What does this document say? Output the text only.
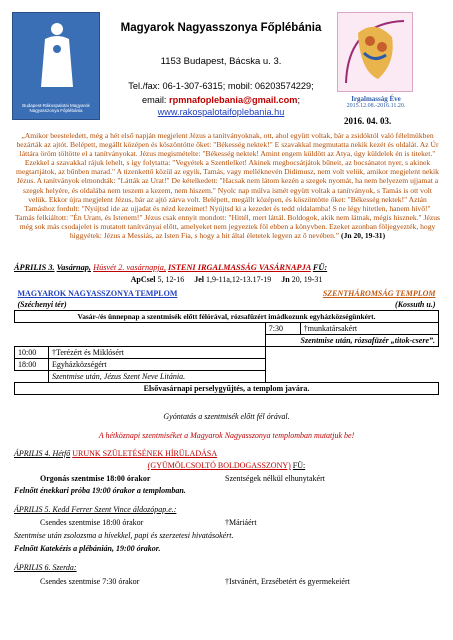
Budapest-Rákospalotai Magyarok Nagyasszonya Főplébánia
Irgalmasság Éve
2015.12.08.-2016.11.20.
Magyarok Nagyasszonya Főplébánia
1153 Budapest, Bácska u. 3.
Tel./fax: 06-1-307-6315; mobil: 06203574229;
email: rpmnafoplebania@gmail.com;
www.rakospalotaifoplebania.hu
2016. 04. 03.
„Amikor beesteledett, még a hét első napján megjelent Jézus a tanítványoknak, ott, ahol együtt voltak, bár a zsidóktól való félelmükben bezárták az ajtót. Belépett, megállt középen és köszöntötte őket: "Békesség nektek!" E szavakkal megmutatta nekik kezét és oldalát. Az Úr láttára öröm töltötte el a tanítványokat. Jézus megismételte: "Békesség nektek! Amint engem küldött az Atya, úgy küldelek én is titeket." Ezekkel a szavakkal rájuk lehelt, s így folytatta: "Vegyétek a Szentlelket! Akinek megbocsátjátok bűneit, az bocsánatot nyer, s akinek megtartjátok, az bűnben marad." A tizenkettő közül az egyik, Tamás, vagy melléknevén Didimusz, nem volt velük, amikor megjelent nekik Jézus. A tanítványok elmondták: "Látták az Urat!" De kételkedett: "Hacsak nem látom kezén a szegek nyomát, ha nem helyezem ujjamat a szegek helyére, és oldalába nem teszem a kezem, nem hiszem." Nyolc nap múlva ismét együtt voltak a tanítványok, s Tamás is ott volt velük. Ekkor újra megjelent Jézus, bár az ajtó zárva volt. Belépett, megállt középen, és köszöntötte őket: "Békesség nektek!" Aztán Tamáshoz fordult: "Nyújtsd ide az ujjadat és nézd kezeimet! Nyújtsd ki a kezedet és tedd oldalamba! S ne légy hitetlen, hanem hívő!" Tamás felkiáltott: "Én Uram, és Istenem!" Jézus csak ennyit mondott: "Hittél, mert láttál. Boldogok, akik nem látnak, mégis hisznek." Jézus még sok más csodajelet is mutatott tanítványai előtt, amelyeket nem jegyeztek föl ebben a könyvben. Ezeket azonban följegyezték, hogy higgyétek: Jézus a Messiás, az Isten Fia, s hogy a hit által életetek legyen az ő nevében.” (Jn 20, 19-31)
ÁPRILIS 3. Vasárnap, Húsvét 2. vasárnapja, ISTENI IRGALMASSÁG VASÁRNAPJA FÜ:
ApCsel 5, 12-16 Jel 1,9-11a,12-13.17-19 Jn 20, 19-31
MAGYAROK NAGYASSZONYA TEMPLOM		SZENTHÁROMSÁG TEMPLOM	
(Széchenyi tér)		(Kossuth u.)	
Vasár-/és ünnepnap a szentmisék előtt félórával, rózsafüzért imádkozunk egyházközségünkért.			
		7:30	†munkatársakért
		Szentmise után, rózsafüzér „titok-csere”.	
10:00	†Terézért és Miklósért		
18:00	Egyházközségért		
	Szentmise után, Jézus Szent Neve Litánia.		
Elsővasárnapi perselygyűjtés, a templom javára.			
Gyóntatás a szentmisék előtt fél órával.
A hétköznapi szentmiséket a Magyarok Nagyasszonya templomban mutatjuk be!
ÁPRILIS 4. Hétfő URUNK SZÜLETÉSÉNEK HÍRÜLADÁSA
(GYÜMÖLCSOLTÓ BOLDOGASSZONY) FÜ:
Orgonás szentmise 18:00 órakor	Szentségek nélkül elhunytakért
Felnőtt énekkari próba 19:00 órakor a templomban.
ÁPRILIS 5. Kedd Ferrer Szent Vince áldozópap.e.:
Csendes szentmise 18:00 órakor	†Máriáért
Szentmise után zsolozsma a hívekkel, papi és szerzetesi hivatásokért.
Felnőtt Katekézis a plébánián, 19:00 órakor.
ÁPRILIS 6. Szerda:
Csendes szentmise 7:30 órakor	†Istvánért, Erzsébetért és gyermekeiért
